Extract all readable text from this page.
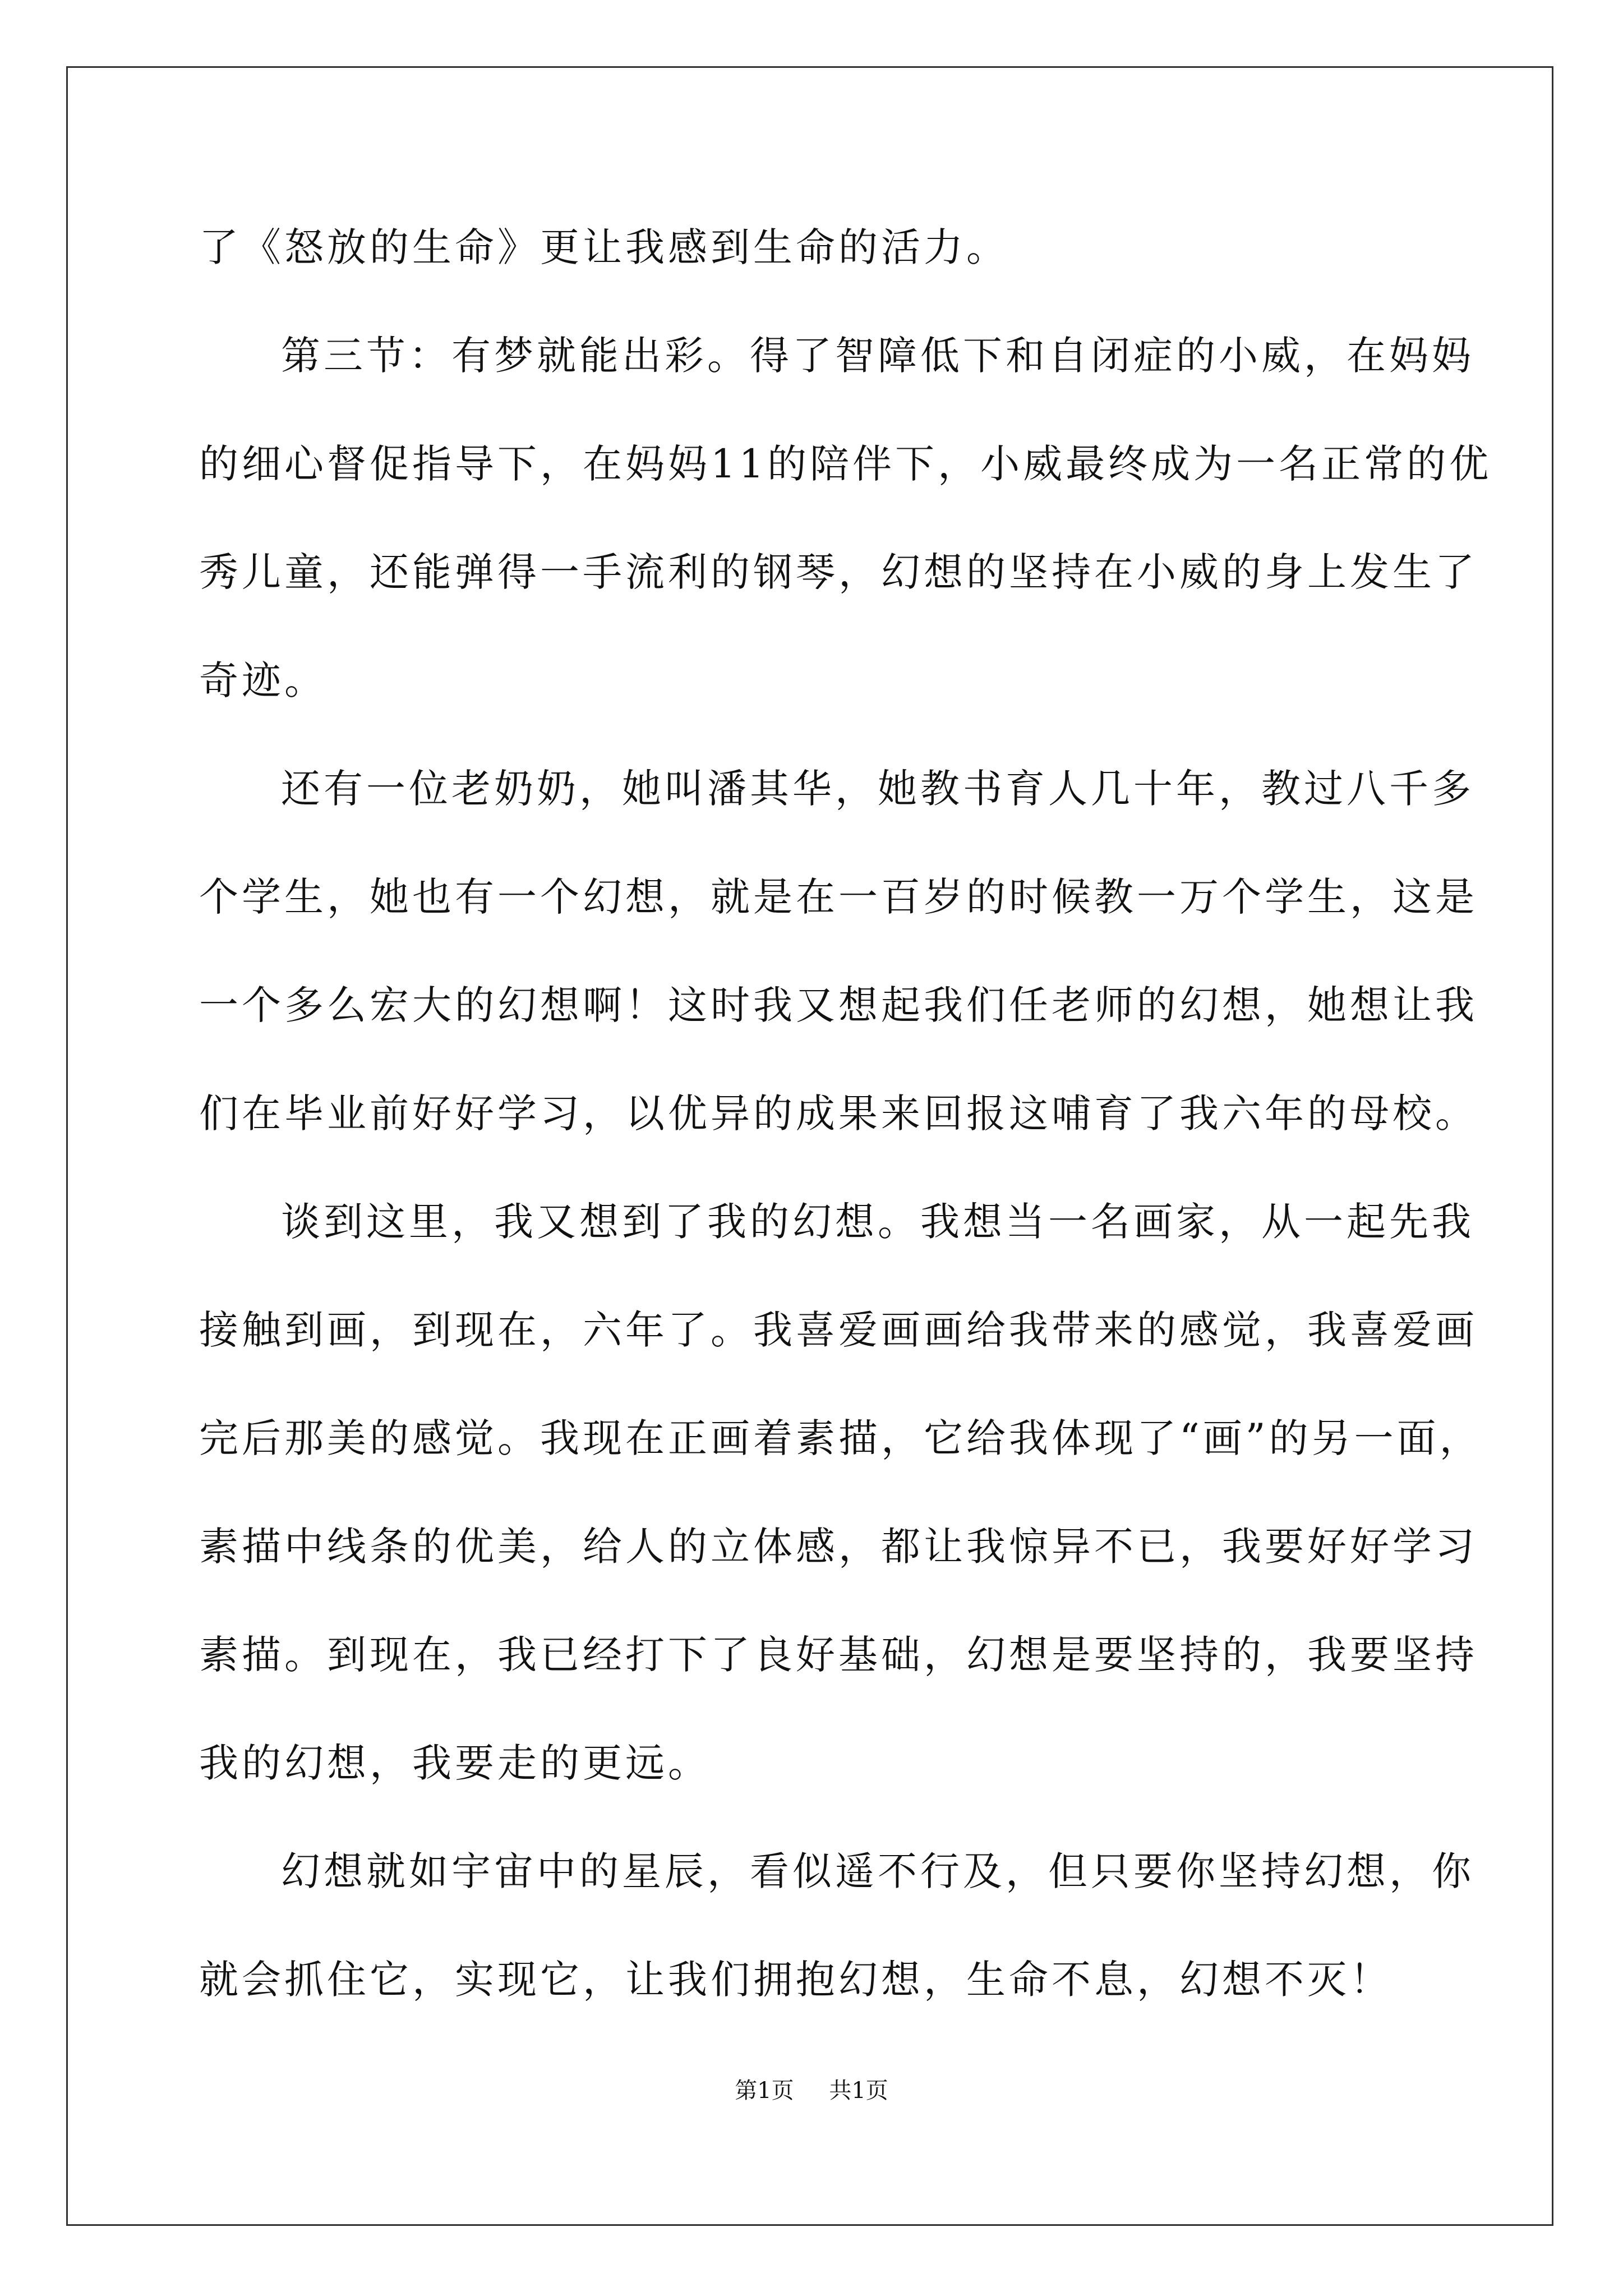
了《怒放的生命》更让我感到生命的活力。
第三节：有梦就能出彩。得了智障低下和自闭症的小威，在妈妈
的细心督促指导下，在妈妈11的陪伴下，小威最终成为一名正常的优
秀儿童，还能弹得一手流利的钢琴，幻想的坚持在小威的身上发生了
奇迹。
还有一位老奶奶，她叫潘其华，她教书育人几十年，教过八千多
个学生，她也有一个幻想，就是在一百岁的时候教一万个学生，这是
一个多么宏大的幻想啊！这时我又想起我们任老师的幻想，她想让我
们在毕业前好好学习，以优异的成果来回报这哺育了我六年的母校。
谈到这里，我又想到了我的幻想。我想当一名画家，从一起先我
接触到画，到现在，六年了。我喜爱画画给我带来的感觉，我喜爱画
完后那美的感觉。我现在正画着素描，它给我体现了“画”的另一面，
素描中线条的优美，给人的立体感，都让我惊异不已，我要好好学习
素描。到现在，我已经打下了良好基础，幻想是要坚持的，我要坚持
我的幻想，我要走的更远。
幻想就如宇宙中的星辰，看似遥不行及，但只要你坚持幻想，你
就会抓住它，实现它，让我们拥抱幻想，生命不息，幻想不灭！
第1页 共1页
